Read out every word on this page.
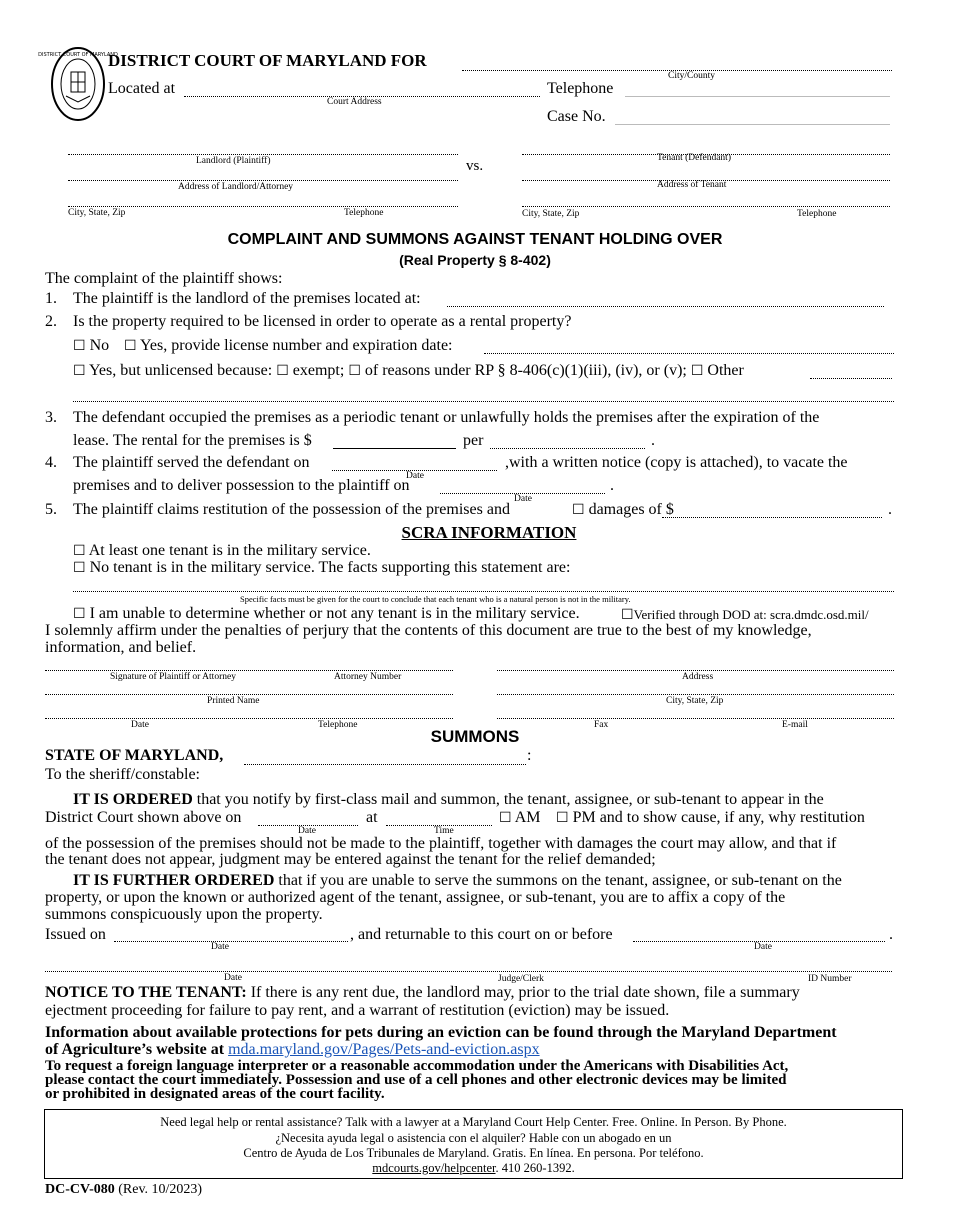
DISTRICT COURT OF MARYLAND
DISTRICT COURT OF MARYLAND FOR
City/County
Located at
Court Address
Telephone
Case No.
Landlord (Plaintiff)
Address of Landlord/Attorney
City, State, Zip	Telephone
vs.	Tenant (Defendant)
Address of Tenant
City, State, Zip	Telephone
COMPLAINT AND SUMMONS AGAINST TENANT HOLDING OVER
(Real Property § 8-402)
The complaint of the plaintiff shows:
1. The plaintiff is the landlord of the premises located at:
2. Is the property required to be licensed in order to operate as a rental property?
☐ No ☐ Yes, provide license number and expiration date:
☐ Yes, but unlicensed because: ☐ exempt; ☐ of reasons under RP § 8-406(c)(1)(iii), (iv), or (v); ☐ Other
3. The defendant occupied the premises as a periodic tenant or unlawfully holds the premises after the expiration of the
lease. The rental for the premises is $	per	.
4. The plaintiff served the defendant on
Date
,with a written notice (copy is attached), to vacate the
premises and to deliver possession to the plaintiff on
Date
.
5. The plaintiff claims restitution of the possession of the premises and	☐ damages of $	.
SCRA INFORMATION
☐ At least one tenant is in the military service.
☐ No tenant is in the military service. The facts supporting this statement are:
Specific facts must be given for the court to conclude that each tenant who is a natural person is not in the military.
☐ I am unable to determine whether or not any tenant is in the military service.	☐Verified through DOD at: scra.dmdc.osd.mil/
I solemnly affirm under the penalties of perjury that the contents of this document are true to the best of my knowledge,
information, and belief.
Signature of Plaintiff or Attorney	Attorney Number	Address
Printed Name	City, State, Zip
Date	Telephone	Fax	E-mail
SUMMONS
STATE OF MARYLAND,	:
To the sheriff/constable:
IT IS ORDERED that you notify by first-class mail and summon, the tenant, assignee, or sub-tenant to appear in the
District Court shown above on
Date
at
Time
☐ AM ☐ PM and to show cause, if any, why restitution
of the possession of the premises should not be made to the plaintiff, together with damages the court may allow, and that if
the tenant does not appear, judgment may be entered against the tenant for the relief demanded;
IT IS FURTHER ORDERED that if you are unable to serve the summons on the tenant, assignee, or sub-tenant on the
property, or upon the known or authorized agent of the tenant, assignee, or sub-tenant, you are to affix a copy of the
summons conspicuously upon the property.
Issued on
Date
, and returnable to this court on or before
Date
.
Date	Judge/Clerk	ID Number
NOTICE TO THE TENANT: If there is any rent due, the landlord may, prior to the trial date shown, file a summary
ejectment proceeding for failure to pay rent, and a warrant of restitution (eviction) may be issued.
Information about available protections for pets during an eviction can be found through the Maryland Department
of Agriculture’s website at mda.maryland.gov/Pages/Pets-and-eviction.aspx
To request a foreign language interpreter or a reasonable accommodation under the Americans with Disabilities Act,
please contact the court immediately. Possession and use of a cell phones and other electronic devices may be limited
or prohibited in designated areas of the court facility.
Need legal help or rental assistance? Talk with a lawyer at a Maryland Court Help Center. Free. Online. In Person. By Phone.
¿Necesita ayuda legal o asistencia con el alquiler? Hable con un abogado en un
Centro de Ayuda de Los Tribunales de Maryland. Gratis. En línea. En persona. Por teléfono.
mdcourts.gov/helpcenter. 410 260-1392.
DC-CV-080 (Rev. 10/2023)
